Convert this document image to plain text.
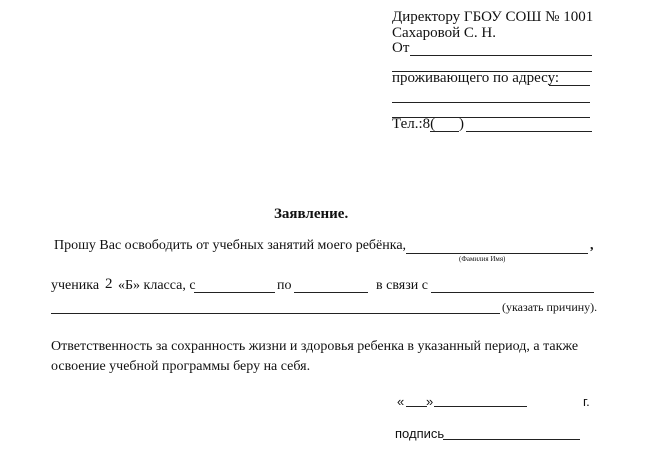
Директору ГБОУ СОШ № 1001
Сахаровой С. Н.
От
проживающего по адресу:
Тел.:8( )
Заявление.
Прошу Вас освободить от учебных занятий моего ребёнка,	,
(Фамилия Имя)
ученика 2 «Б» класса, с	по	в связи с
(указать причину).
Ответственность за сохранность жизни и здоровья ребенка в указанный период, а также
освоение учебной программы беру на себя.
« »	г.
подпись
